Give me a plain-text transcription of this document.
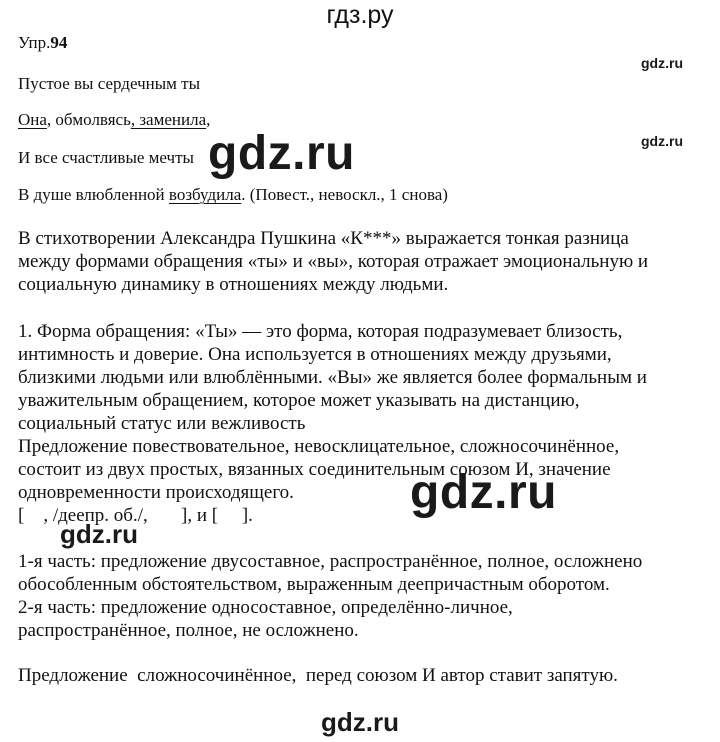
гдз.ру
Упр.94
gdz.ru
Пустое вы сердечным ты
Она, обмолвясь, заменила,
gdz.ru
И все счастливые мечты gdz.ru
В душе влюбленной возбудила. (Повест., невоскл., 1 снова)
В стихотворении Александра Пушкина «К***» выражается тонкая разница
между формами обращения «ты» и «вы», которая отражает эмоциональную и
социальную динамику в отношениях между людьми.
1. Форма обращения: «Ты» — это форма, которая подразумевает близость,
интимность и доверие. Она используется в отношениях между друзьями,
близкими людьми или влюблёнными. «Вы» же является более формальным и
уважительным обращением, которое может указывать на дистанцию,
социальный статус или вежливость
Предложение повествовательное, невосклицательное, сложносочинённое,
состоит из двух простых, вязанных соединительным союзом И, значение
одновременности происходящего.
[    , /деепр. об./,       ], и [     ].	gdz.ru
gdz.ru
1-я часть: предложение двусоставное, распространённое, полное, осложнено
обособленным обстоятельством, выраженным деепричастным оборотом.
2-я часть: предложение односоставное, определённо-личное,
распространённое, полное, не осложнено.
Предложение  сложносочинённое,  перед союзом И автор ставит запятую.
gdz.ru
